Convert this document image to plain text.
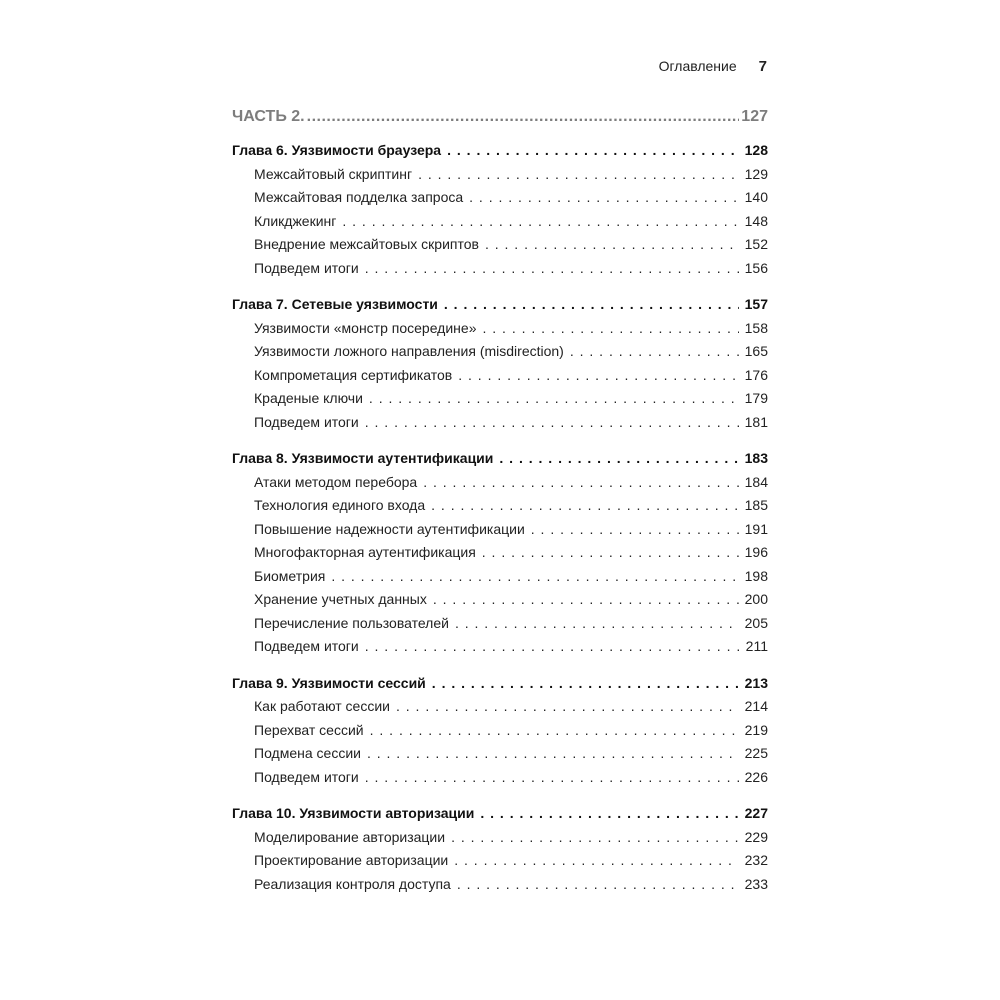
Оглавление 7
ЧАСТЬ 2. .....	127
Глава 6. Уязвимости браузера . . .	128
Межсайтовый скриптинг . . .	129
Межсайтовая подделка запроса . . .	140
Кликджекинг . . .	148
Внедрение межсайтовых скриптов . . .	152
Подведем итоги . . .	156
Глава 7. Сетевые уязвимости . . .	157
Уязвимости «монстр посередине» . . .	158
Уязвимости ложного направления (misdirection) . . .	165
Компрометация сертификатов . . .	176
Краденые ключи . . .	179
Подведем итоги . . .	181
Глава 8. Уязвимости аутентификации . . .	183
Атаки методом перебора . . .	184
Технология единого входа . . .	185
Повышение надежности аутентификации . . .	191
Многофакторная аутентификация . . .	196
Биометрия . . .	198
Хранение учетных данных . . .	200
Перечисление пользователей . . .	205
Подведем итоги . . .	211
Глава 9. Уязвимости сессий . . .	213
Как работают сессии . . .	214
Перехват сессий . . .	219
Подмена сессии . . .	225
Подведем итоги . . .	226
Глава 10. Уязвимости авторизации . . .	227
Моделирование авторизации . . .	229
Проектирование авторизации . . .	232
Реализация контроля доступа . . .	233
